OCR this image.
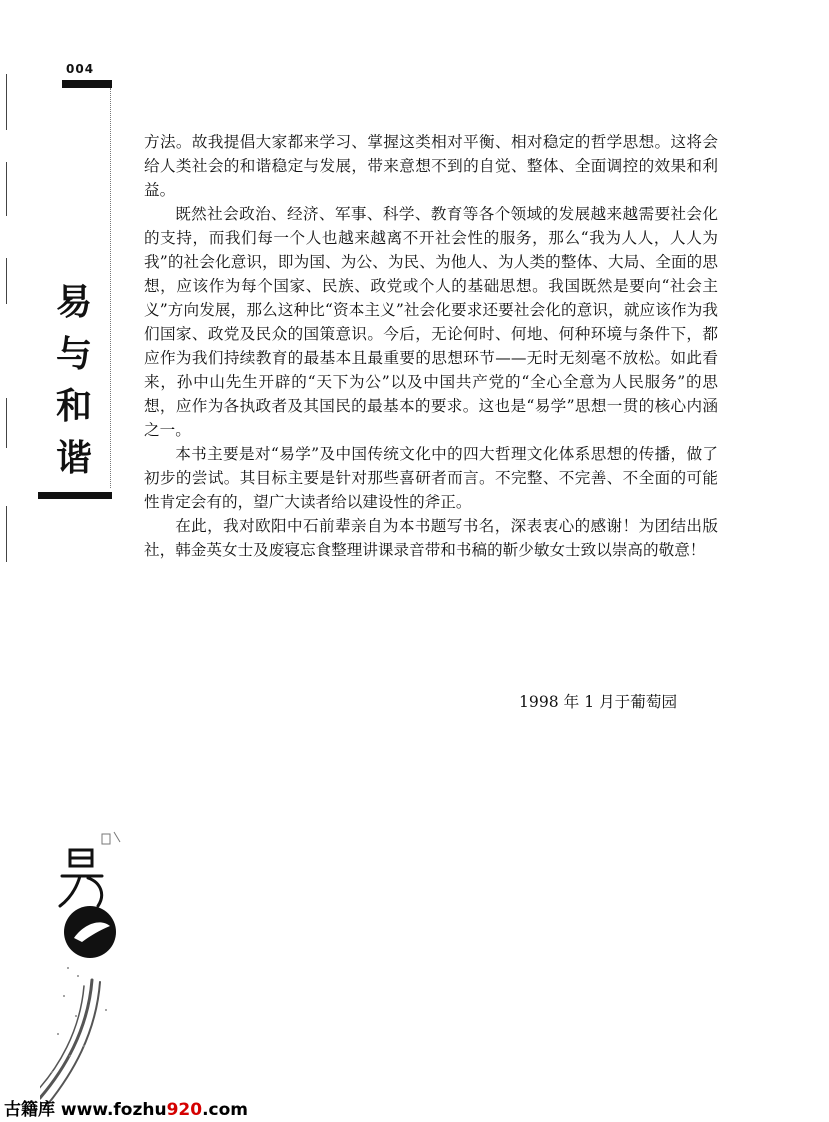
004
易
与
和
谐

方法。故我提倡大家都来学习、掌握这类相对平衡、相对稳定的哲学思想。这将会给人类社会的和谐稳定与发展，带来意想不到的自觉、整体、全面调控的效果和利益。

既然社会政治、经济、军事、科学、教育等各个领域的发展越来越需要社会化的支持，而我们每一个人也越来越离不开社会性的服务，那么“我为人人，人人为我”的社会化意识，即为国、为公、为民、为他人、为人类的整体、大局、全面的思想，应该作为每个国家、民族、政党或个人的基础思想。我国既然是要向“社会主义”方向发展，那么这种比“资本主义”社会化要求还要社会化的意识，就应该作为我们国家、政党及民众的国策意识。今后，无论何时、何地、何种环境与条件下，都应作为我们持续教育的最基本且最重要的思想环节——无时无刻毫不放松。如此看来，孙中山先生开辟的“天下为公”以及中国共产党的“全心全意为人民服务”的思想，应作为各执政者及其国民的最基本的要求。这也是“易学”思想一贯的核心内涵之一。

本书主要是对“易学”及中国传统文化中的四大哲理文化体系思想的传播，做了初步的尝试。其目标主要是针对那些喜研者而言。不完整、不完善、不全面的可能性肯定会有的，望广大读者给以建设性的斧正。

在此，我对欧阳中石前辈亲自为本书题写书名，深表衷心的感谢！为团结出版社，韩金英女士及废寝忘食整理讲课录音带和书稿的靳少敏女士致以崇高的敬意！

1998 年 1 月于葡萄园
古籍库 www.fozhu920.com
